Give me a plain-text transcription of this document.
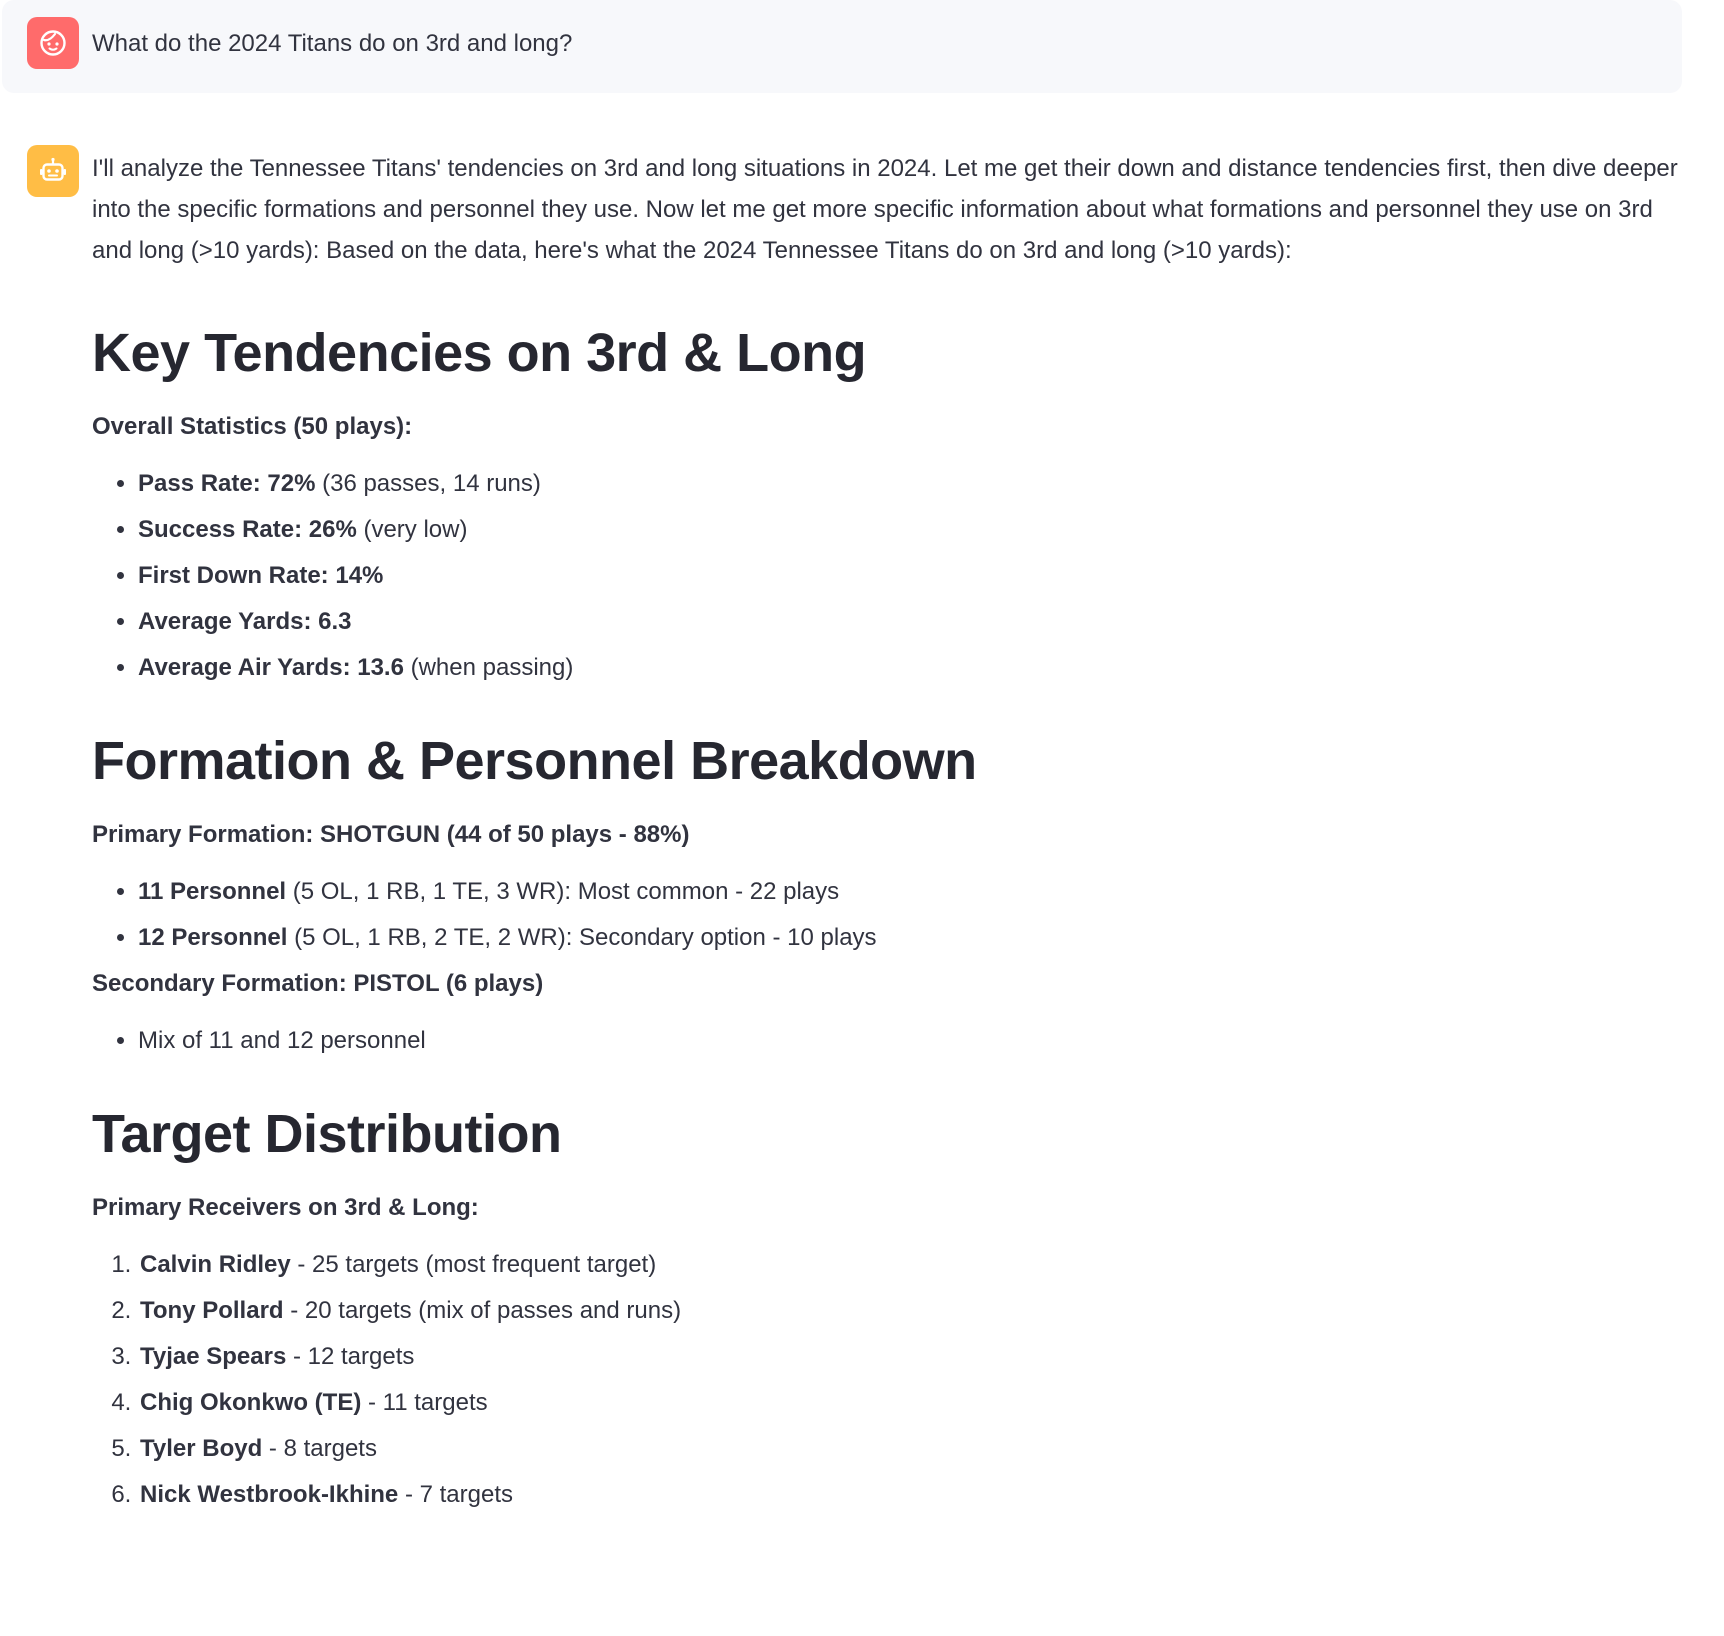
What do the 2024 Titans do on 3rd and long?

I'll analyze the Tennessee Titans' tendencies on 3rd and long situations in 2024. Let me get their down and distance tendencies first, then dive deeper into the specific formations and personnel they use. Now let me get more specific information about what formations and personnel they use on 3rd and long (>10 yards): Based on the data, here's what the 2024 Tennessee Titans do on 3rd and long (>10 yards):

Key Tendencies on 3rd & Long

Overall Statistics (50 plays):

• Pass Rate: 72% (36 passes, 14 runs)
• Success Rate: 26% (very low)
• First Down Rate: 14%
• Average Yards: 6.3
• Average Air Yards: 13.6 (when passing)
Formation & Personnel Breakdown

Primary Formation: SHOTGUN (44 of 50 plays - 88%)

• 11 Personnel (5 OL, 1 RB, 1 TE, 3 WR): Most common - 22 plays
• 12 Personnel (5 OL, 1 RB, 2 TE, 2 WR): Secondary option - 10 plays

Secondary Formation: PISTOL (6 plays)

• Mix of 11 and 12 personnel
Target Distribution

Primary Receivers on 3rd & Long:

1. Calvin Ridley - 25 targets (most frequent target)
2. Tony Pollard - 20 targets (mix of passes and runs)
3. Tyjae Spears - 12 targets
4. Chig Okonkwo (TE) - 11 targets
5. Tyler Boyd - 8 targets
6. Nick Westbrook-Ikhine - 7 targets
